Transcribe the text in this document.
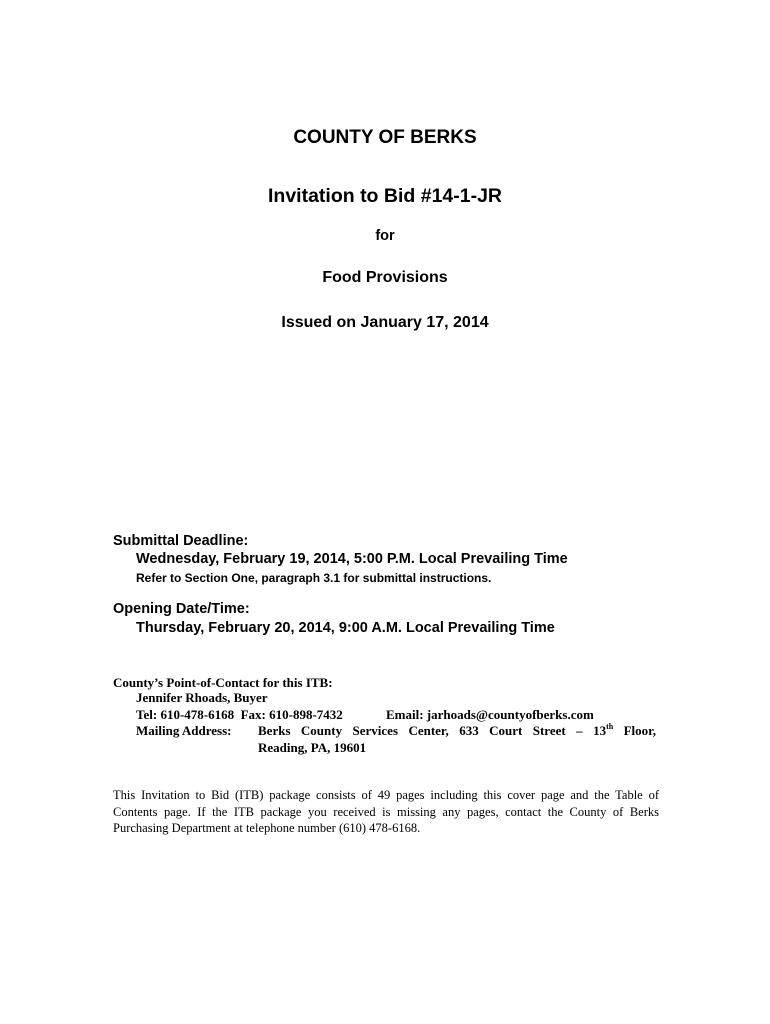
COUNTY OF BERKS
Invitation to Bid #14-1-JR
for
Food Provisions
Issued on January 17, 2014
Submittal Deadline:
Wednesday, February 19, 2014, 5:00 P.M. Local Prevailing Time
Refer to Section One, paragraph 3.1 for submittal instructions.
Opening Date/Time:
Thursday, February 20, 2014, 9:00 A.M. Local Prevailing Time
County’s Point-of-Contact for this ITB:
Jennifer Rhoads, Buyer
Tel: 610-478-6168  Fax: 610-898-7432	Email: jarhoads@countyofberks.com
Mailing Address: Berks County Services Center, 633 Court Street – 13th Floor,
Reading, PA, 19601
This Invitation to Bid (ITB) package consists of 49 pages including this cover page and the Table of Contents page. If the ITB package you received is missing any pages, contact the County of Berks Purchasing Department at telephone number (610) 478-6168.
